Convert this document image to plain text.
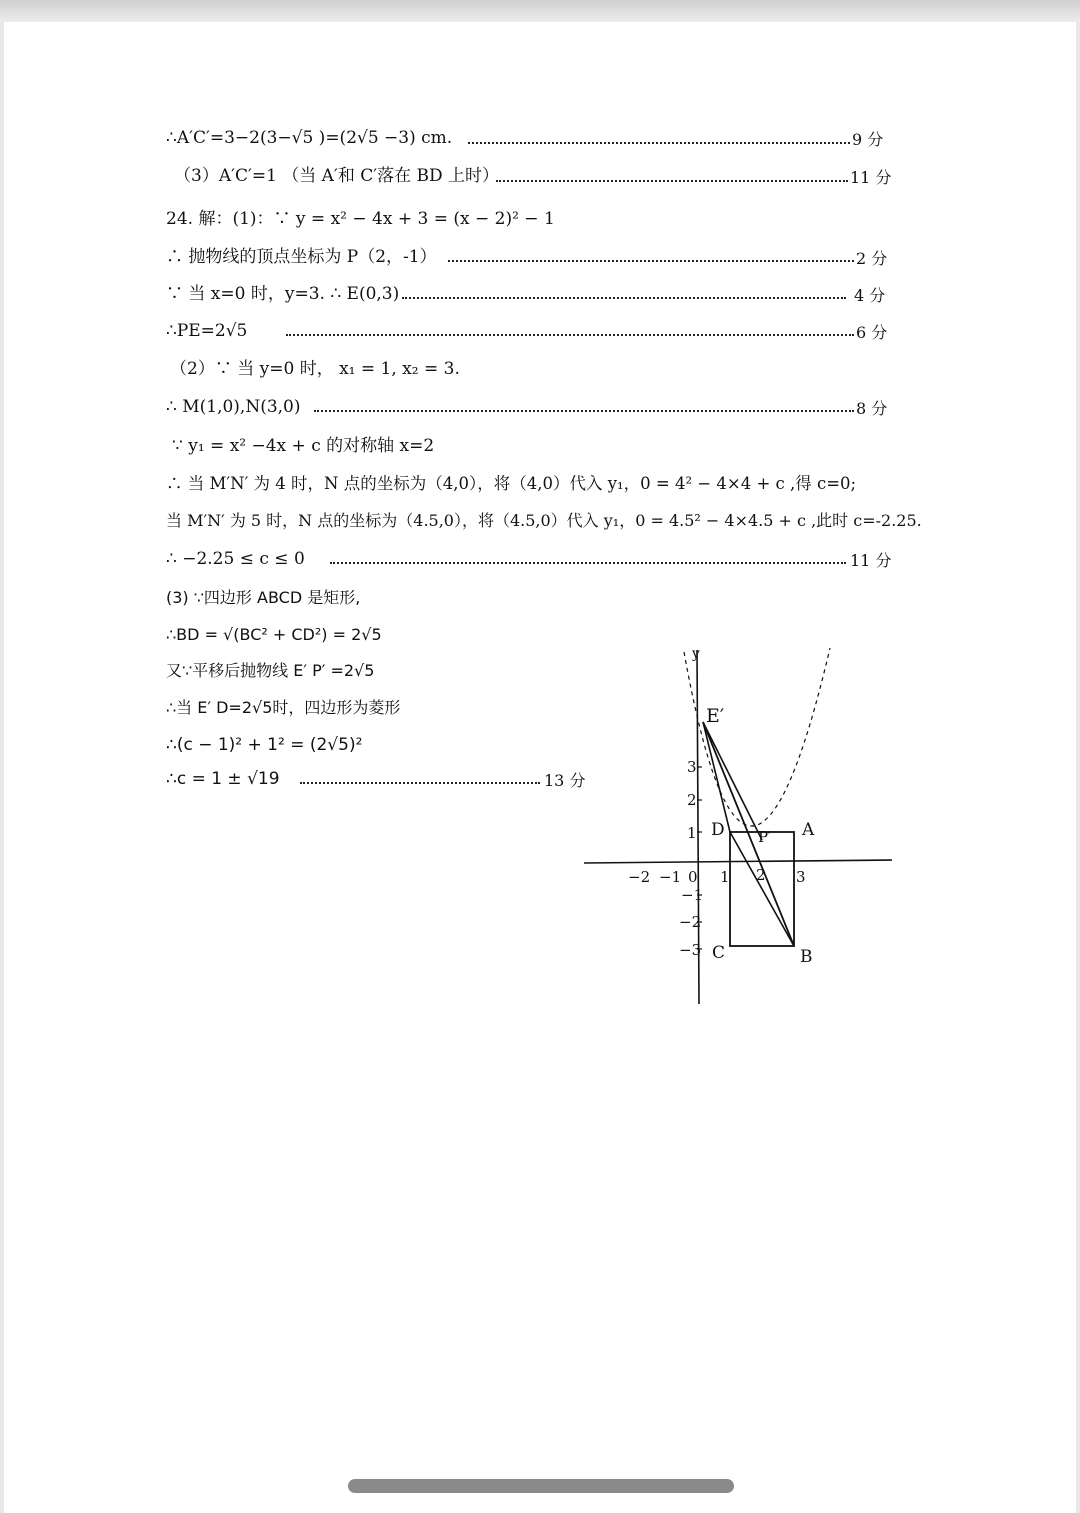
∴A′C′=3−2(3−√5 )=(2√5 −3) cm.	9 分
（3）A′C′=1 （当 A′和 C′落在 BD 上时）	11 分
24. 解：(1)：∵ y = x² − 4x + 3 = (x − 2)² − 1
∴ 抛物线的顶点坐标为 P（2，-1）	2 分
∵ 当 x=0 时，y=3. ∴ E(0,3)	4 分
∴PE=2√5	6 分
（2）∵ 当 y=0 时， x₁ = 1, x₂ = 3.
∴ M(1,0),N(3,0)	8 分
∵ y₁ = x² −4x + c 的对称轴 x=2
∴ 当 M′N′ 为 4 时，N 点的坐标为（4,0），将（4,0）代入 y₁，0 = 4² − 4×4 + c ,得 c=0;
当 M′N′ 为 5 时，N 点的坐标为（4.5,0），将（4.5,0）代入 y₁，0 = 4.5² − 4×4.5 + c ,此时 c=-2.25.
∴ −2.25 ≤ c ≤ 0	11 分
(3) ∵四边形 ABCD 是矩形,
∴BD = √(BC² + CD²) = 2√5
又∵平移后抛物线 E′ P′ =2√5
∴当 E′ D=2√5时，四边形为菱形
∴(c − 1)² + 1² = (2√5)²
∴c = 1 ± √19	13 分
y
E′
D P′ A
C	B
−2 −1 0 1 2 3
3
2
1
−1
−2
−3
